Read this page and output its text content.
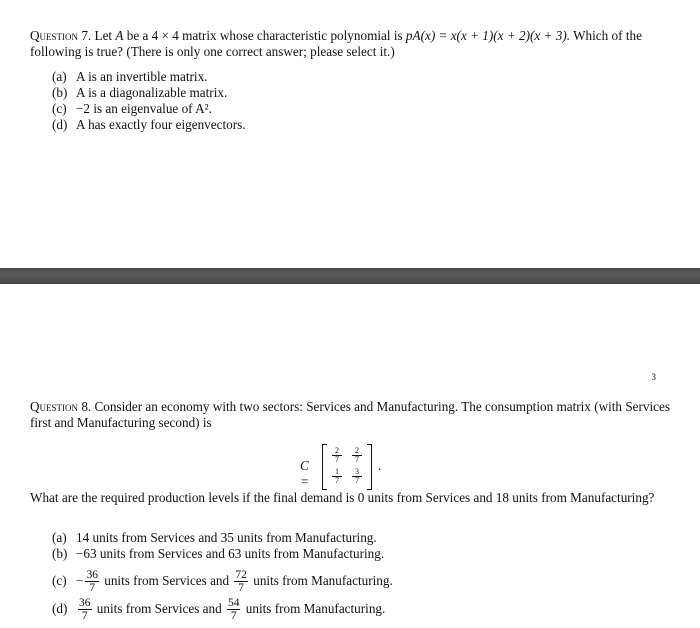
Question 7. Let A be a 4 × 4 matrix whose characteristic polynomial is pA(x) = x(x + 1)(x + 2)(x + 3). Which of the following is true? (There is only one correct answer; please select it.)
(a) A is an invertible matrix.
(b) A is a diagonalizable matrix.
(c) −2 is an eigenvalue of A².
(d) A has exactly four eigenvectors.
3
Question 8. Consider an economy with two sectors: Services and Manufacturing. The consumption matrix (with Services first and Manufacturing second) is
C =
2
7
2
7
1
7
3
7
.
What are the required production levels if the final demand is 0 units from Services and 18 units from Manufacturing?
(a) 14 units from Services and 35 units from Manufacturing.
(b) −63 units from Services and 63 units from Manufacturing.
$(c) - \frac{36}{7}$ units from Services and $\frac{72}{7}$ units from Manufacturing.
$(d) \frac{36}{7}$ units from Services and $\frac{54}{7}$ units from Manufacturing.
